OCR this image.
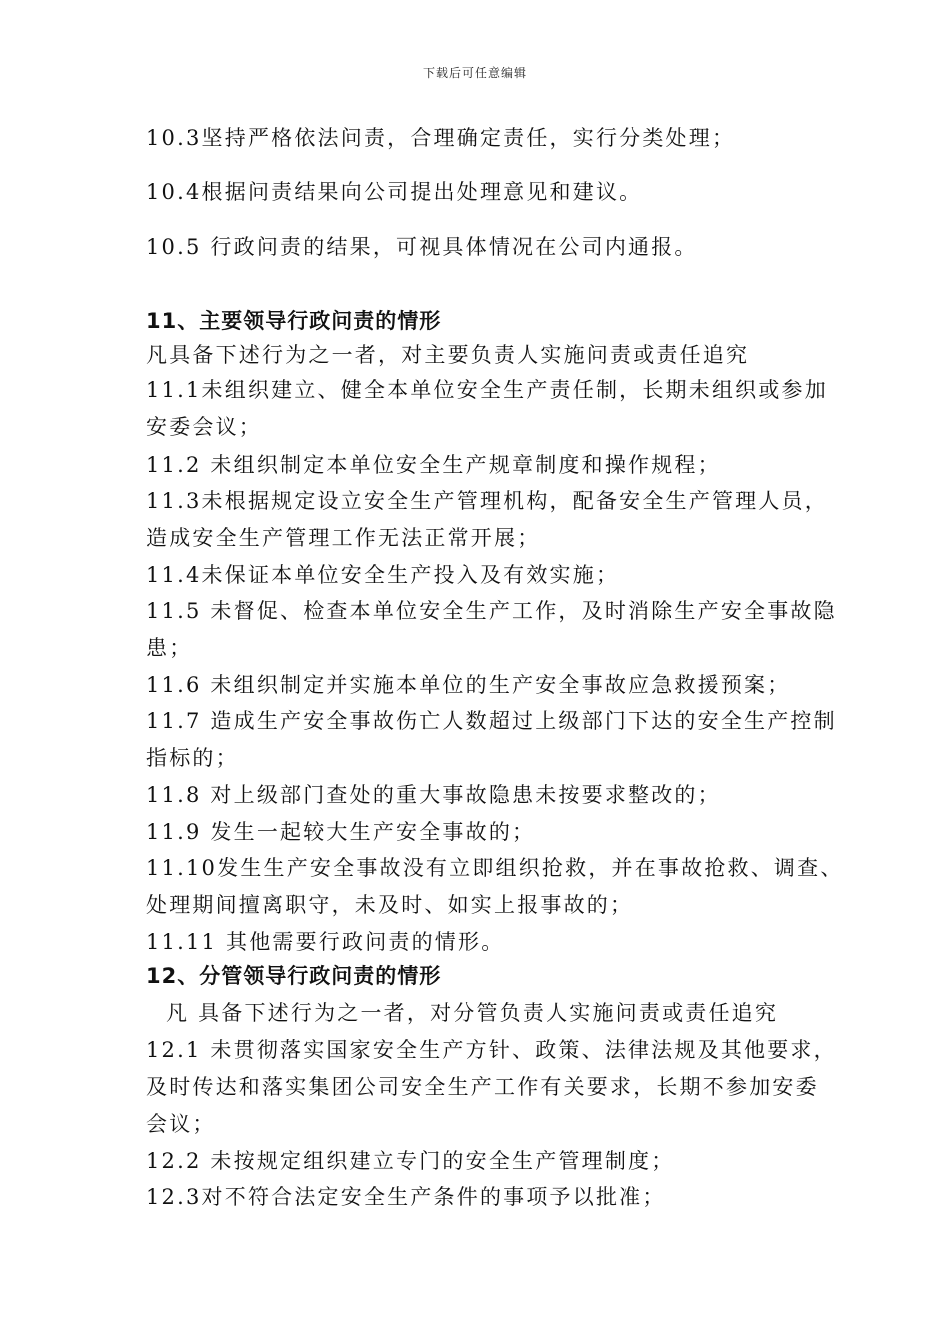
下载后可任意编辑
10.3坚持严格依法问责，合理确定责任，实行分类处理；
10.4根据问责结果向公司提出处理意见和建议。
10.5 行政问责的结果，可视具体情况在公司内通报。
11、主要领导行政问责的情形
凡具备下述行为之一者，对主要负责人实施问责或责任追究
11.1未组织建立、健全本单位安全生产责任制，长期未组织或参加
安委会议；
11.2 未组织制定本单位安全生产规章制度和操作规程；
11.3未根据规定设立安全生产管理机构，配备安全生产管理人员，
造成安全生产管理工作无法正常开展；
11.4未保证本单位安全生产投入及有效实施；
11.5 未督促、检查本单位安全生产工作，及时消除生产安全事故隐
患；
11.6 未组织制定并实施本单位的生产安全事故应急救援预案；
11.7 造成生产安全事故伤亡人数超过上级部门下达的安全生产控制
指标的；
11.8 对上级部门查处的重大事故隐患未按要求整改的；
11.9 发生一起较大生产安全事故的；
11.10发生生产安全事故没有立即组织抢救，并在事故抢救、调查、
处理期间擅离职守，未及时、如实上报事故的；
11.11 其他需要行政问责的情形。
12、分管领导行政问责的情形
凡 具备下述行为之一者，对分管负责人实施问责或责任追究
12.1 未贯彻落实国家安全生产方针、政策、法律法规及其他要求，
及时传达和落实集团公司安全生产工作有关要求，长期不参加安委
会议；
12.2 未按规定组织建立专门的安全生产管理制度；
12.3对不符合法定安全生产条件的事项予以批准；
